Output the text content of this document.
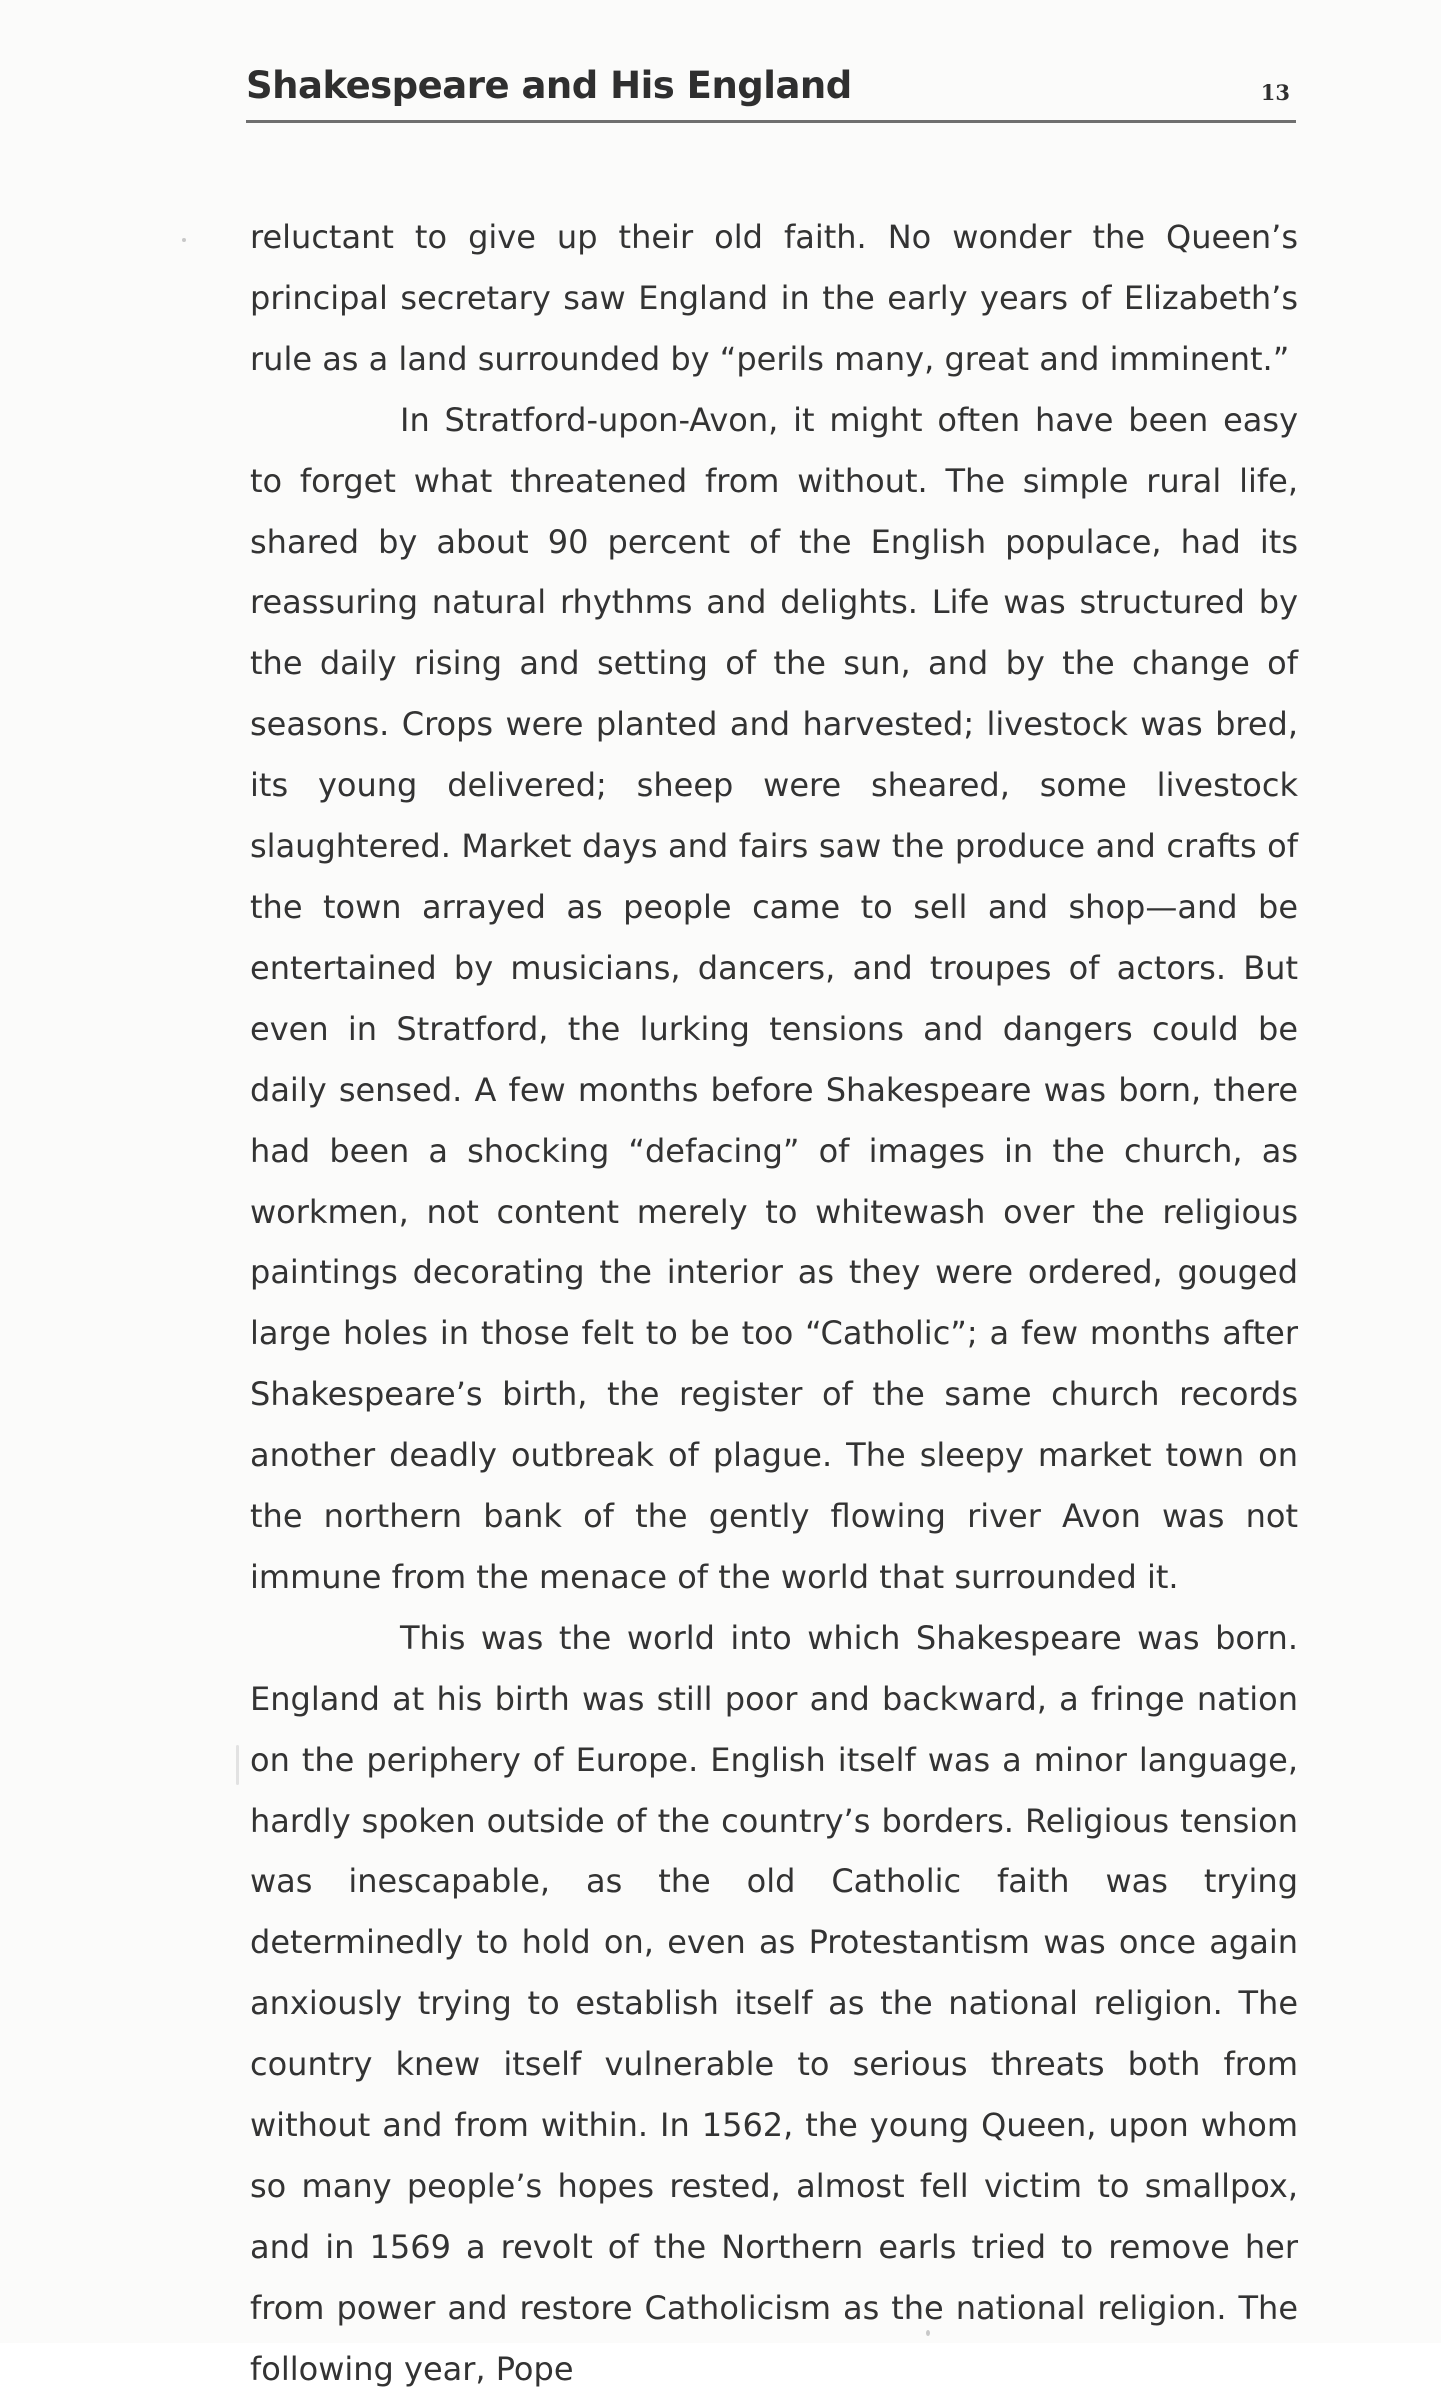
Shakespeare and His England	13

reluctant to give up their old faith. No wonder the Queen’s principal secretary saw England in the early years of Elizabeth’s rule as a land surrounded by “perils many, great and imminent.”

In Stratford-upon-Avon, it might often have been easy to forget what threatened from without. The simple rural life, shared by about 90 percent of the English populace, had its reassuring natural rhythms and delights. Life was structured by the daily rising and setting of the sun, and by the change of seasons. Crops were planted and harvested; livestock was bred, its young delivered; sheep were sheared, some livestock slaughtered. Market days and fairs saw the produce and crafts of the town arrayed as people came to sell and shop—and be entertained by musicians, dancers, and troupes of actors. But even in Stratford, the lurking tensions and dangers could be daily sensed. A few months before Shakespeare was born, there had been a shocking “defacing” of images in the church, as workmen, not content merely to whitewash over the religious paintings decorating the interior as they were ordered, gouged large holes in those felt to be too “Catholic”; a few months after Shakespeare’s birth, the register of the same church records another deadly outbreak of plague. The sleepy market town on the northern bank of the gently flowing river Avon was not immune from the menace of the world that surrounded it.

This was the world into which Shakespeare was born. England at his birth was still poor and backward, a fringe nation on the periphery of Europe. English itself was a minor language, hardly spoken outside of the country’s borders. Religious tension was inescapable, as the old Catholic faith was trying determinedly to hold on, even as Protestantism was once again anxiously trying to establish itself as the national religion. The country knew itself vulnerable to serious threats both from without and from within. In 1562, the young Queen, upon whom so many people’s hopes rested, almost fell victim to smallpox, and in 1569 a revolt of the Northern earls tried to remove her from power and restore Catholicism as the national religion. The following year, Pope
